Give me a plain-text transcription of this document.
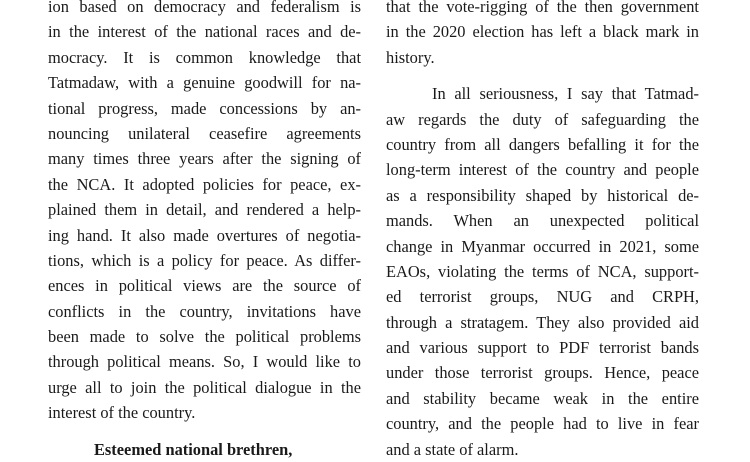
ion based on democracy and federalism is
in the interest of the national races and de-
mocracy. It is common knowledge that
Tatmadaw, with a genuine goodwill for na-
tional progress, made concessions by an-
nouncing unilateral ceasefire agreements
many times three years after the signing of
the NCA. It adopted policies for peace, ex-
plained them in detail, and rendered a help-
ing hand. It also made overtures of negotia-
tions, which is a policy for peace. As differ-
ences in political views are the source of
conflicts in the country, invitations have
been made to solve the political problems
through political means. So, I would like to
urge all to join the political dialogue in the
interest of the country.
Esteemed national brethren,
that the vote-rigging of the then government
in the 2020 election has left a black mark in
history.
In all seriousness, I say that Tatmad-
aw regards the duty of safeguarding the
country from all dangers befalling it for the
long-term interest of the country and people
as a responsibility shaped by historical de-
mands. When an unexpected political
change in Myanmar occurred in 2021, some
EAOs, violating the terms of NCA, support-
ed terrorist groups, NUG and CRPH,
through a stratagem. They also provided aid
and various support to PDF terrorist bands
under those terrorist groups. Hence, peace
and stability became weak in the entire
country, and the people had to live in fear
and a state of alarm.
